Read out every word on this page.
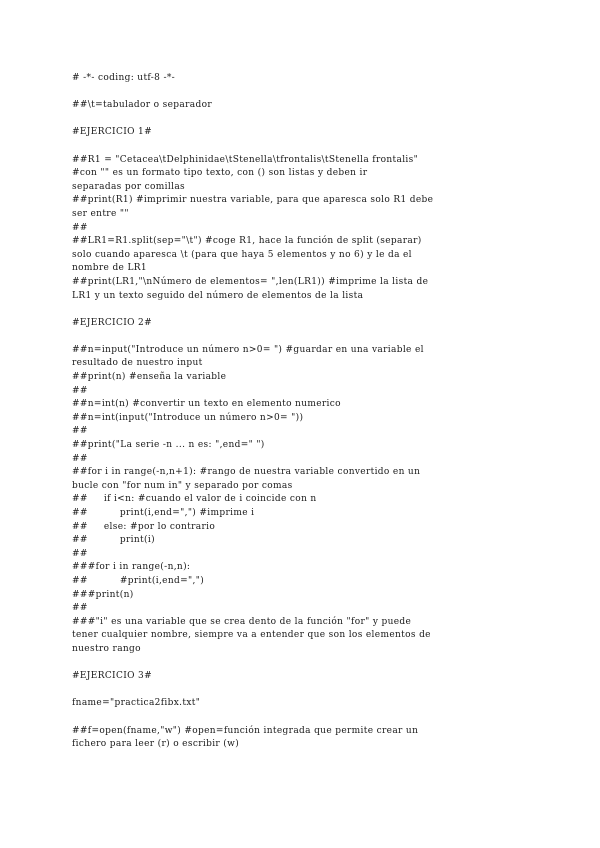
# -*- coding: utf-8 -*-
##\t=tabulador o separador
#EJERCICIO 1#
##R1 = "Cetacea\tDelphinidae\tStenella\tfrontalis\tStenella frontalis"
#con "" es un formato tipo texto, con () son listas y deben ir
separadas por comillas
##print(R1) #imprimir nuestra variable, para que aparesca solo R1 debe
ser entre ""
##
##LR1=R1.split(sep="\t") #coge R1, hace la función de split (separar)
solo cuando aparesca \t (para que haya 5 elementos y no 6) y le da el
nombre de LR1
##print(LR1,"\nNúmero de elementos= ",len(LR1)) #imprime la lista de
LR1 y un texto seguido del número de elementos de la lista
#EJERCICIO 2#
##n=input("Introduce un número n>0= ") #guardar en una variable el
resultado de nuestro input
##print(n) #enseña la variable
##
##n=int(n) #convertir un texto en elemento numerico
##n=int(input("Introduce un número n>0= "))
##
##print("La serie -n ... n es: ",end=" ")
##
##for i in range(-n,n+1): #rango de nuestra variable convertido en un
bucle con "for num in" y separado por comas
##     if i<n: #cuando el valor de i coincide con n
##          print(i,end=",") #imprime i
##     else: #por lo contrario
##          print(i)
##
###for i in range(-n,n):
##          #print(i,end=",")
###print(n)
##
###"i" es una variable que se crea dento de la función "for" y puede
tener cualquier nombre, siempre va a entender que son los elementos de
nuestro rango
#EJERCICIO 3#
fname="practica2fibx.txt"
##f=open(fname,"w") #open=función integrada que permite crear un
fichero para leer (r) o escribir (w)
